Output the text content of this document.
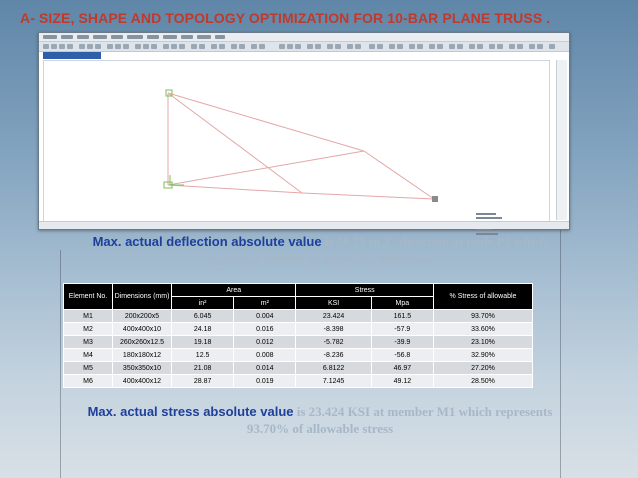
A- SIZE, SHAPE AND TOPOLOGY OPTIMIZATION FOR 10-BAR PLANE TRUSS .
Max. actual deflection absolute value is 50.79 in Z- direction at node P2 which represent 99.98% of allowable deflection
Element No.	Dimensions (mm)	Area		Stress		% Stress of allowable
		in²	m²	KSI	Mpa	
M1	200x200x5	6.045	0.004	23.424	161.5	93.70%
M2	400x400x10	24.18	0.016	-8.398	-57.9	33.60%
M3	260x260x12.5	19.18	0.012	-5.782	-39.9	23.10%
M4	180x180x12	12.5	0.008	-8.236	-56.8	32.90%
M5	350x350x10	21.08	0.014	6.8122	46.97	27.20%
M6	400x400x12	28.87	0.019	7.1245	49.12	28.50%
Max. actual stress absolute value is 23.424 KSI at member M1 which represents 93.70% of allowable stress
